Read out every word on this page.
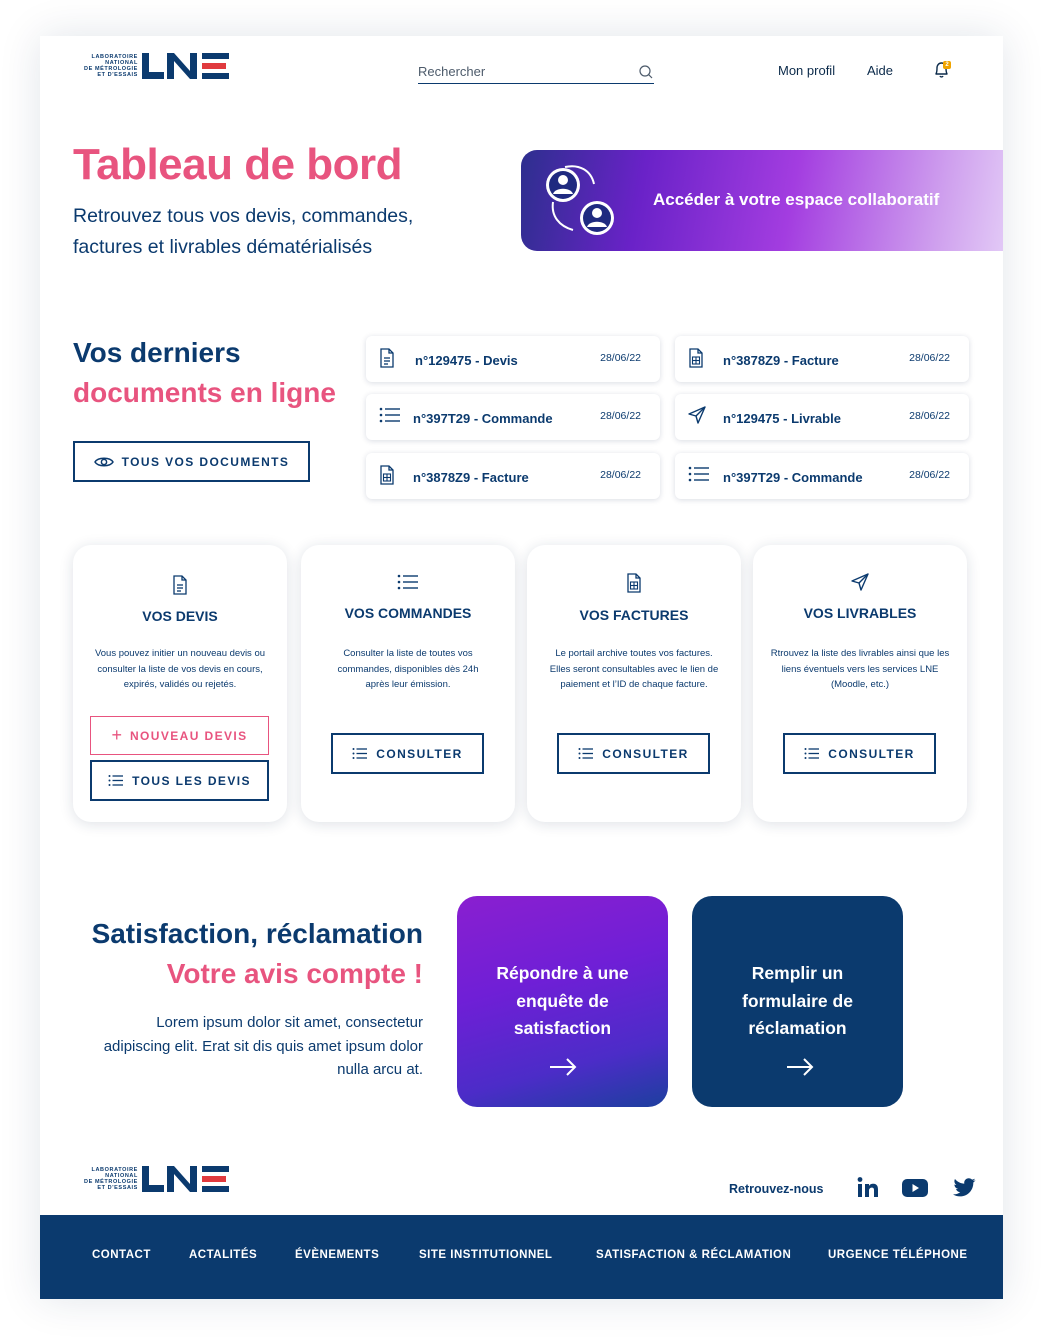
LABORATOIRE
NATIONAL
DE MÉTROLOGIE
ET D'ESSAIS	Rechercher	Mon profil Aide	2
Tableau de bord

Retrouvez tous vos devis, commandes, factures et livrables dématérialisés

Accéder à votre espace collaboratif
Vos derniers
documents en ligne
TOUS VOS DOCUMENTS
n°129475 - Devis	28/06/22	n°3878Z9 - Facture	28/06/22
n°397T29 - Commande	28/06/22	n°129475 - Livrable	28/06/22
n°3878Z9 - Facture	28/06/22	n°397T29 - Commande	28/06/22
VOS DEVIS
Vous pouvez initier un nouveau devis ou consulter la liste de vos devis en cours, expirés, validés ou rejetés.
+ NOUVEAU DEVIS
TOUS LES DEVIS
VOS COMMANDES
Consulter la liste de toutes vos commandes, disponibles dès 24h après leur émission.
CONSULTER
VOS FACTURES
Le portail archive toutes vos factures. Elles seront consultables avec le lien de paiement et l’ID de chaque facture.
CONSULTER
VOS LIVRABLES
Rtrouvez la liste des livrables ainsi que les liens éventuels vers les services LNE (Moodle, etc.)
CONSULTER
Satisfaction, réclamation
Votre avis compte !

Lorem ipsum dolor sit amet, consectetur adipiscing elit. Erat sit dis quis amet ipsum dolor nulla arcu at.

Répondre à une enquête de satisfaction
Remplir un formulaire de réclamation
LABORATOIRE
NATIONAL
DE MÉTROLOGIE
ET D'ESSAIS	Retrouvez-nous
CONTACT	ACTALITÉS	ÉVÈNEMENTS	SITE INSTITUTIONNEL	SATISFACTION & RÉCLAMATION	URGENCE TÉLÉPHONE
